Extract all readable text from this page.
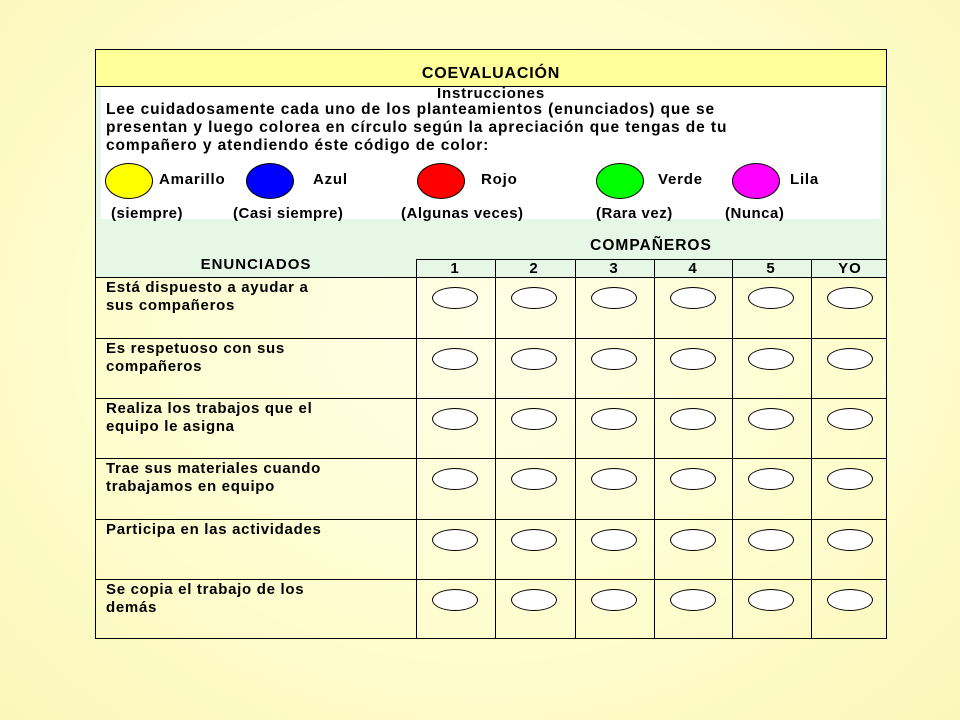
COEVALUACIÓN
Instrucciones
Lee cuidadosamente cada uno de los planteamientos (enunciados) que se
presentan y luego colorea en círculo según la apreciación que tengas de tu
compañero y atendiendo éste código de color:
Amarillo	Azul	Rojo	Verde	Lila
(siempre)	(Casi siempre)	(Algunas veces)	(Rara vez)	(Nunca)
ENUNCIADOS
COMPAÑEROS
1	2	3	4	5	YO
Está dispuesto a ayudar a
sus compañeros
Es respetuoso con sus
compañeros
Realiza los trabajos que el
equipo le asigna
Trae sus materiales cuando
trabajamos en equipo
Participa en las actividades
Se copia el trabajo de los
demás
